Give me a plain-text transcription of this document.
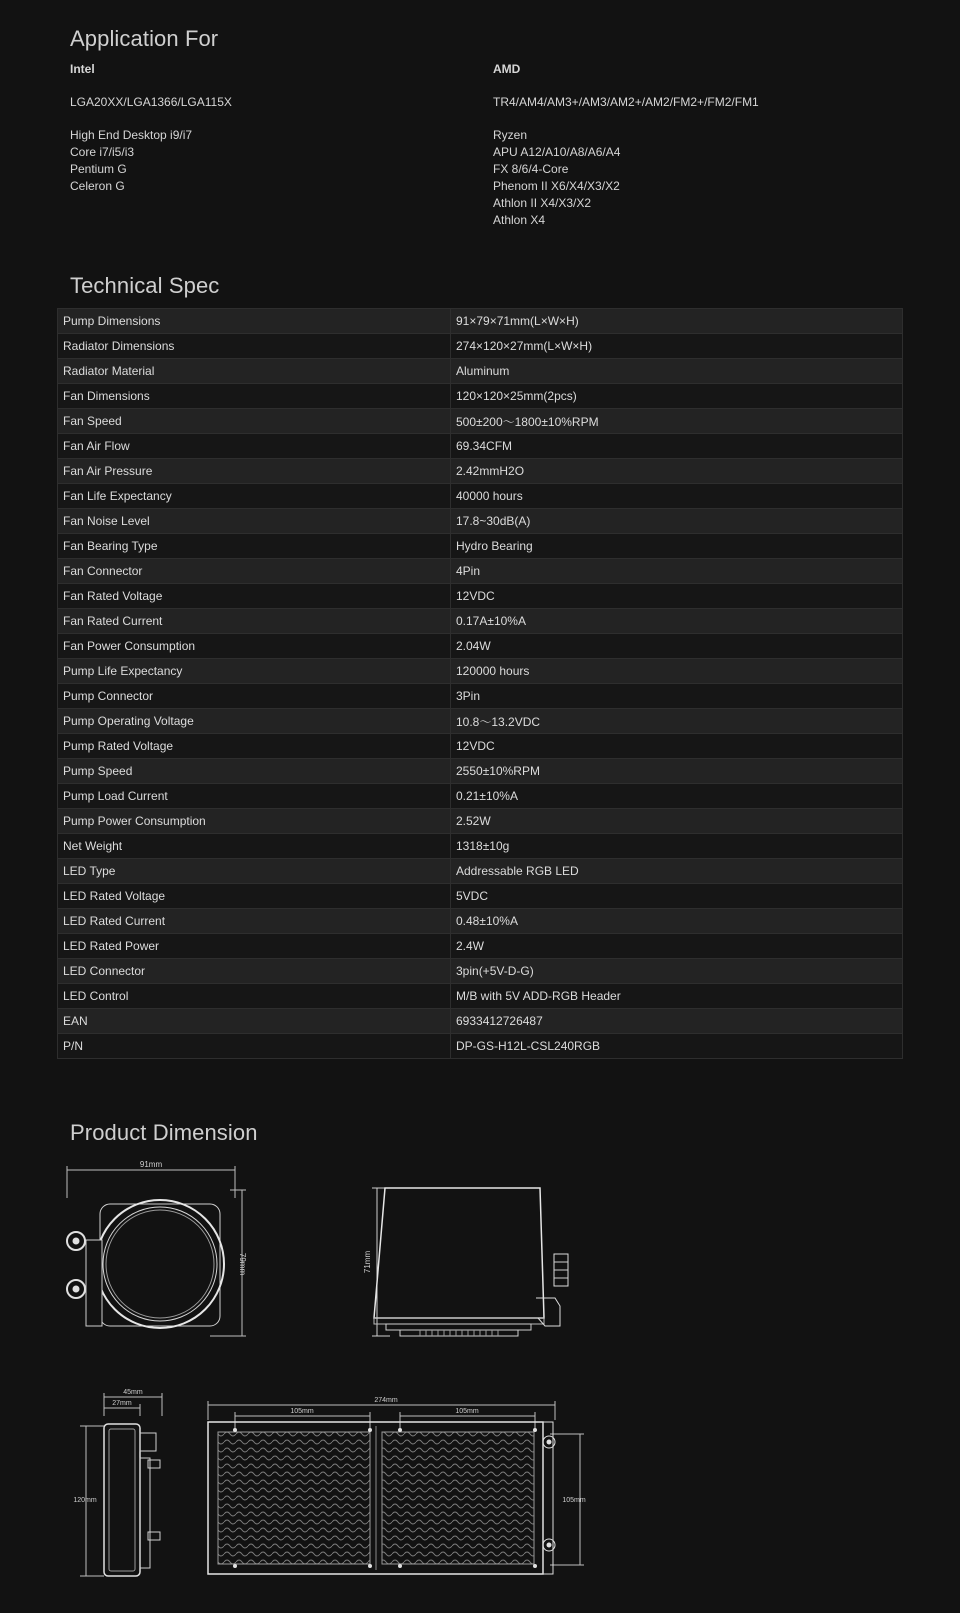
Application For
Intel
LGA20XX/LGA1366/LGA115X
High End Desktop i9/i7
Core i7/i5/i3
Pentium G
Celeron G
AMD
TR4/AM4/AM3+/AM3/AM2+/AM2/FM2+/FM2/FM1
Ryzen
APU A12/A10/A8/A6/A4
FX 8/6/4-Core
Phenom II X6/X4/X3/X2
Athlon II X4/X3/X2
Athlon X4
Technical Spec
Pump Dimensions	91×79×71mm(L×W×H)
Radiator Dimensions	274×120×27mm(L×W×H)
Radiator Material	Aluminum
Fan Dimensions	120×120×25mm(2pcs)
Fan Speed	500±200～1800±10%RPM
Fan Air Flow	69.34CFM
Fan Air Pressure	2.42mmH2O
Fan Life Expectancy	40000 hours
Fan Noise Level	17.8~30dB(A)
Fan Bearing Type	Hydro Bearing
Fan Connector	4Pin
Fan Rated Voltage	12VDC
Fan Rated Current	0.17A±10%A
Fan Power Consumption	2.04W
Pump Life Expectancy	120000 hours
Pump Connector	3Pin
Pump Operating Voltage	10.8～13.2VDC
Pump Rated Voltage	12VDC
Pump Speed	2550±10%RPM
Pump Load Current	0.21±10%A
Pump Power Consumption	2.52W
Net Weight	1318±10g
LED Type	Addressable RGB LED
LED Rated Voltage	5VDC
LED Rated Current	0.48±10%A
LED Rated Power	2.4W
LED Connector	3pin(+5V-D-G)
LED Control	M/B with 5V ADD-RGB Header
EAN	6933412726487
P/N	DP-GS-H12L-CSL240RGB
Product Dimension
91mm
79mm	71mm
45mm
27mm
120mm
274mm
105mm	105mm
105mm
